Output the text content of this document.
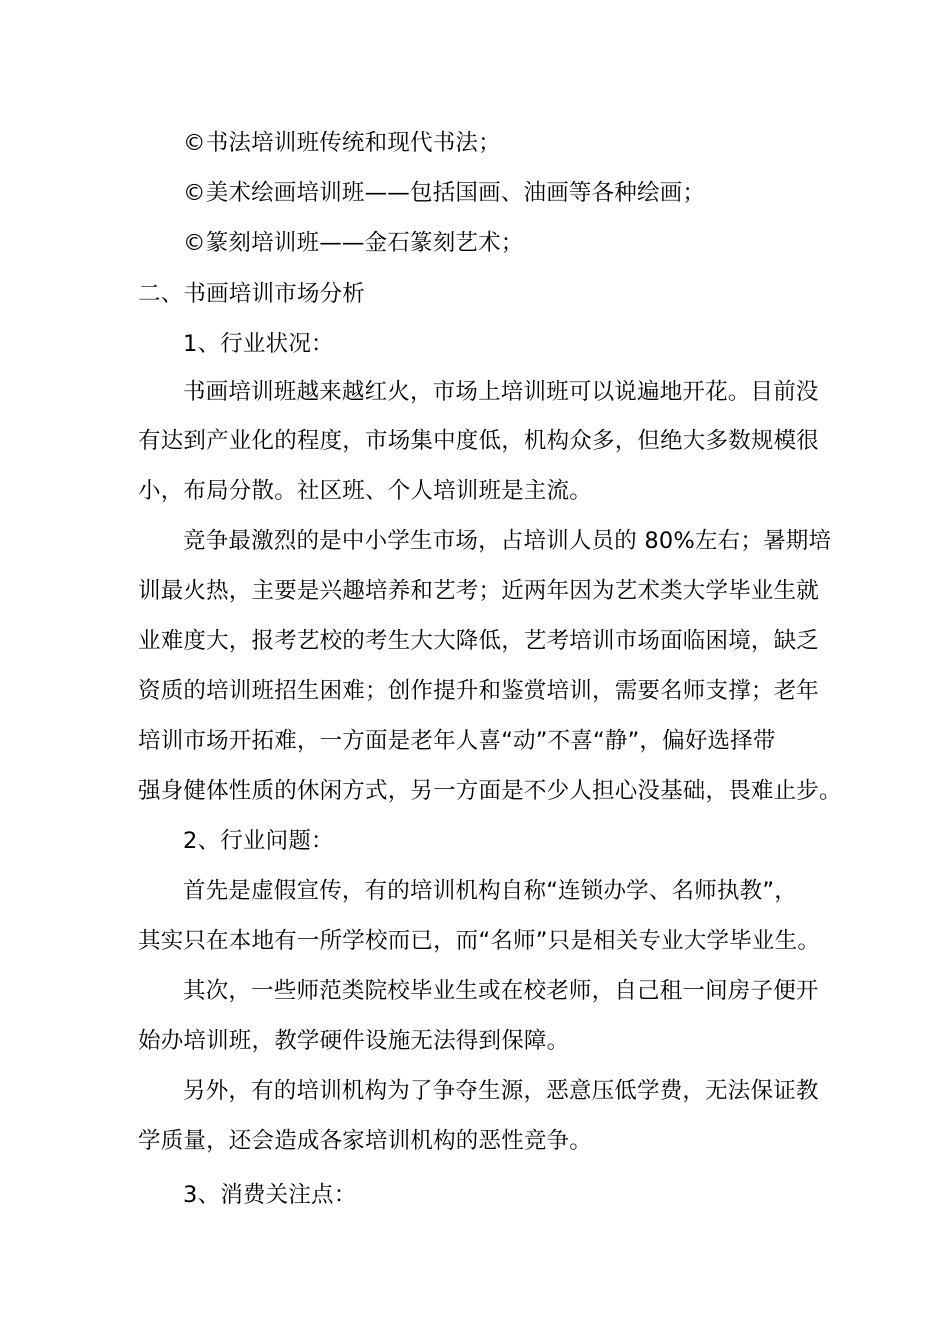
©书法培训班传统和现代书法；
©美术绘画培训班——包括国画、油画等各种绘画；
©篆刻培训班——金石篆刻艺术；
二、书画培训市场分析
1、行业状况：
书画培训班越来越红火，市场上培训班可以说遍地开花。目前没
有达到产业化的程度，市场集中度低，机构众多，但绝大多数规模很
小，布局分散。社区班、个人培训班是主流。
竞争最激烈的是中小学生市场，占培训人员的 80%左右；暑期培
训最火热，主要是兴趣培养和艺考；近两年因为艺术类大学毕业生就
业难度大，报考艺校的考生大大降低，艺考培训市场面临困境，缺乏
资质的培训班招生困难；创作提升和鉴赏培训，需要名师支撑；老年
培训市场开拓难，一方面是老年人喜“动”不喜“静”，偏好选择带
强身健体性质的休闲方式，另一方面是不少人担心没基础，畏难止步。
2、行业问题：
首先是虚假宣传，有的培训机构自称“连锁办学、名师执教”，
其实只在本地有一所学校而已，而“名师”只是相关专业大学毕业生。
其次，一些师范类院校毕业生或在校老师，自己租一间房子便开
始办培训班，教学硬件设施无法得到保障。
另外，有的培训机构为了争夺生源，恶意压低学费，无法保证教
学质量，还会造成各家培训机构的恶性竞争。
3、消费关注点：
